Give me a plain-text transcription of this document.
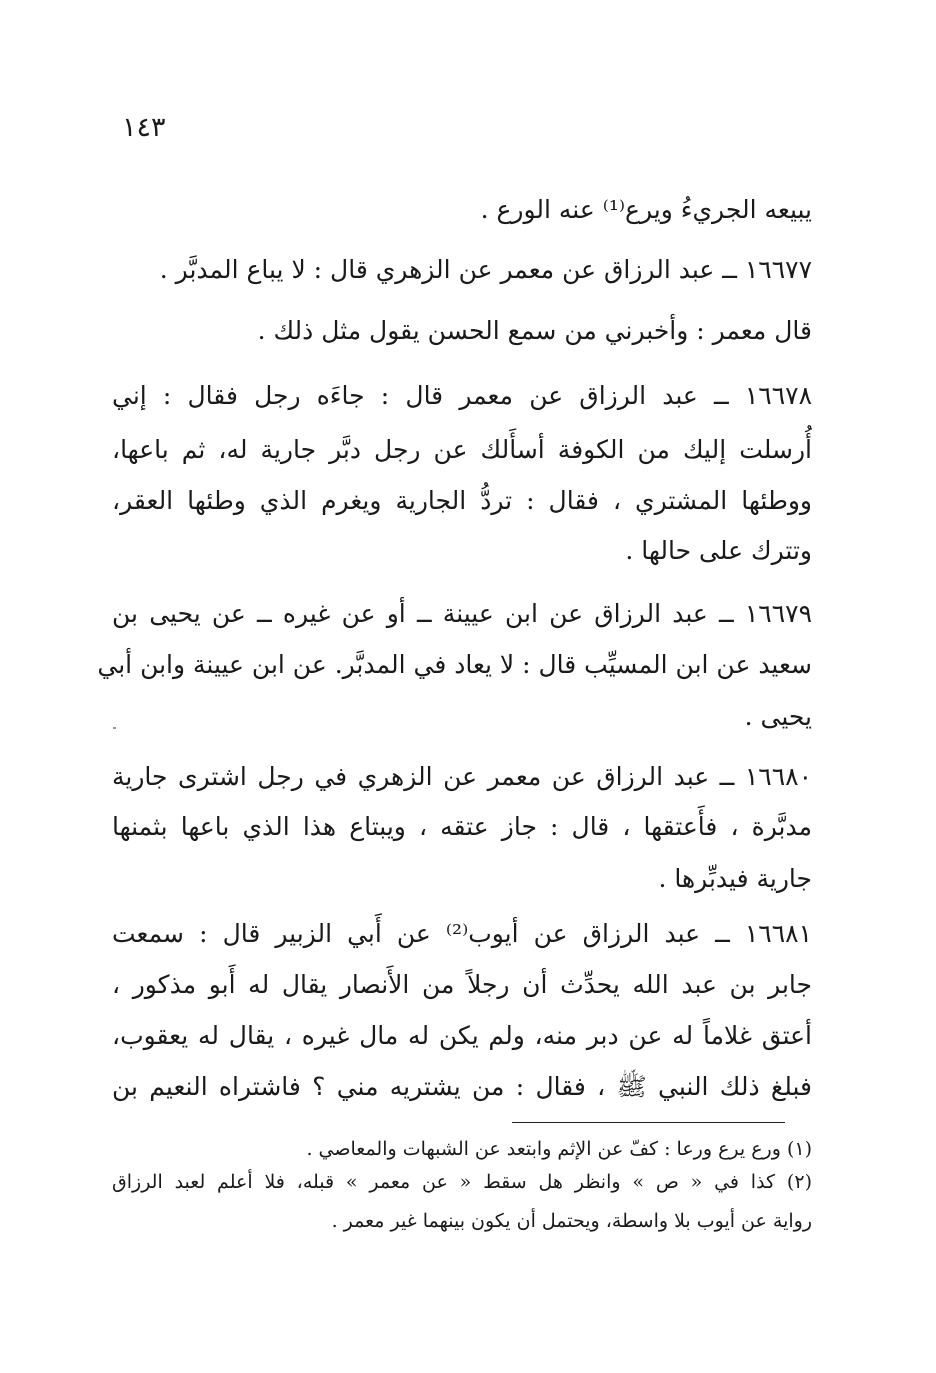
١٤٣
يبيعه الجريءُ ويرع⁽¹⁾ عنه الورع .
١٦٦٧٧ ــ عبد الرزاق عن معمر عن الزهري قال : لا يباع المدبَّر .
قال معمر : وأخبرني من سمع الحسن يقول مثل ذلك .
١٦٦٧٨ ــ عبد الرزاق عن معمر قال : جاءَه رجل فقال : إني
أُرسلت إليك من الكوفة أسأَلك عن رجل دبَّر جارية له، ثم باعها،
ووطئها المشتري ، فقال : تردُّ الجارية ويغرم الذي وطئها العقر،
وتترك على حالها .
١٦٦٧٩ ــ عبد الرزاق عن ابن عيينة ــ أو عن غيره ــ عن يحيى بن
سعيد عن ابن المسيِّب قال : لا يعاد في المدبَّر. عن ابن عيينة وابن أبي
يحيى .
١٦٦٨٠ ــ عبد الرزاق عن معمر عن الزهري في رجل اشترى جارية
مدبَّرة ، فأَعتقها ، قال : جاز عتقه ، ويبتاع هذا الذي باعها بثمنها
جارية فيدبِّرها .
١٦٦٨١ ــ عبد الرزاق عن أيوب⁽²⁾ عن أَبي الزبير قال : سمعت
جابر بن عبد الله يحدِّث أن رجلاً من الأَنصار يقال له أَبو مذكور ،
أعتق غلاماً له عن دبر منه، ولم يكن له مال غيره ، يقال له يعقوب،
فبلغ ذلك النبي ﷺ ، فقال : من يشتريه مني ؟ فاشتراه النعيم بن
(١) ورع يرع ورعا : كفّ عن الإثم وابتعد عن الشبهات والمعاصي .
(٢) كذا في « ص » وانظر هل سقط « عن معمر » قبله، فلا أعلم لعبد الرزاق
رواية عن أيوب بلا واسطة، ويحتمل أن يكون بينهما غير معمر .
